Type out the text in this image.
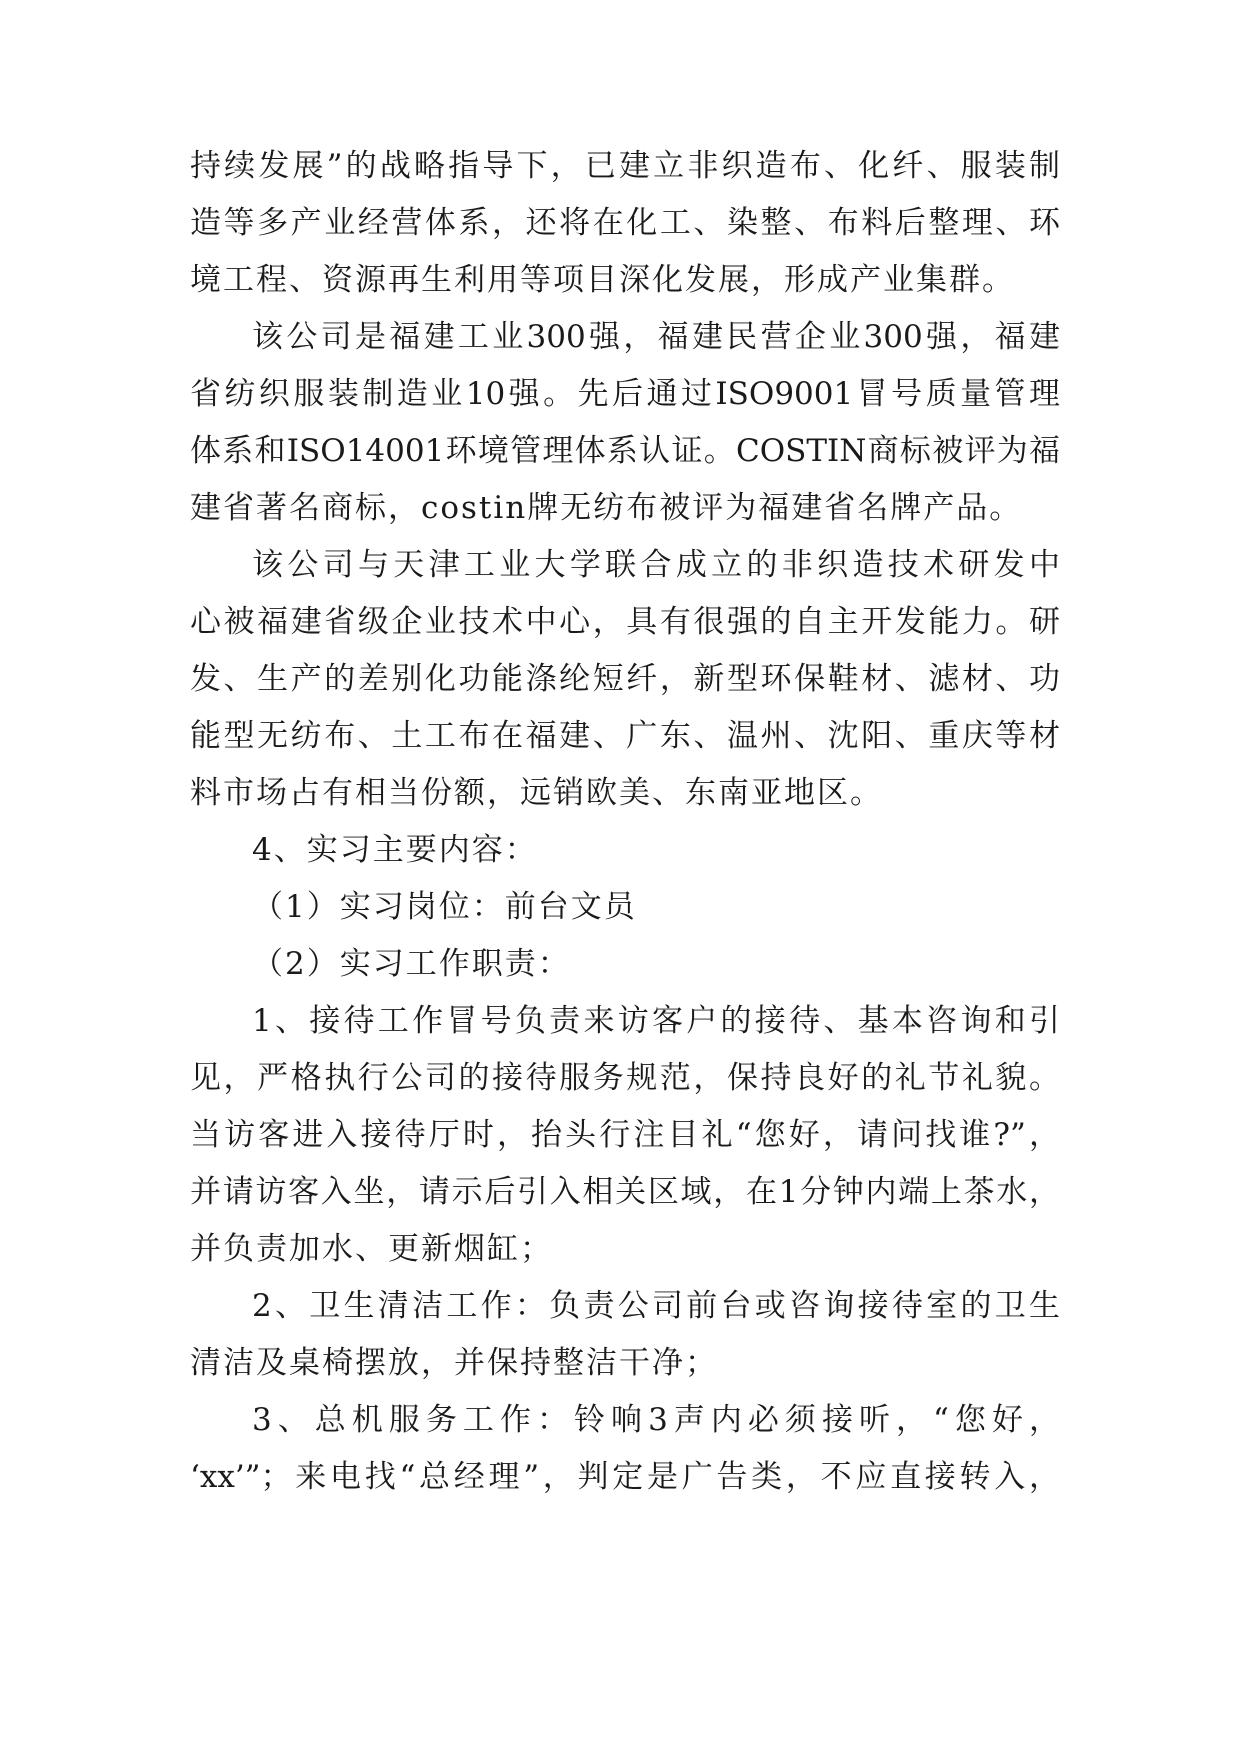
持续发展”的战略指导下，已建立非织造布、化纤、服装制
造等多产业经营体系，还将在化工、染整、布料后整理、环
境工程、资源再生利用等项目深化发展，形成产业集群。
该公司是福建工业300强，福建民营企业300强，福建
省纺织服装制造业10强。先后通过ISO9001冒号质量管理
体系和ISO14001环境管理体系认证。COSTIN商标被评为福
建省著名商标，costin牌无纺布被评为福建省名牌产品。
该公司与天津工业大学联合成立的非织造技术研发中
心被福建省级企业技术中心，具有很强的自主开发能力。研
发、生产的差别化功能涤纶短纤，新型环保鞋材、滤材、功
能型无纺布、土工布在福建、广东、温州、沈阳、重庆等材
料市场占有相当份额，远销欧美、东南亚地区。
4、实习主要内容：
（1）实习岗位：前台文员
（2）实习工作职责：
1、接待工作冒号负责来访客户的接待、基本咨询和引
见，严格执行公司的接待服务规范，保持良好的礼节礼貌。
当访客进入接待厅时，抬头行注目礼“您好，请问找谁?”，
并请访客入坐，请示后引入相关区域，在1分钟内端上茶水，
并负责加水、更新烟缸；
2、卫生清洁工作：负责公司前台或咨询接待室的卫生
清洁及桌椅摆放，并保持整洁干净；
3、总机服务工作：铃响3声内必须接听，“您好，
‘xx’”；来电找“总经理”，判定是广告类，不应直接转入，
